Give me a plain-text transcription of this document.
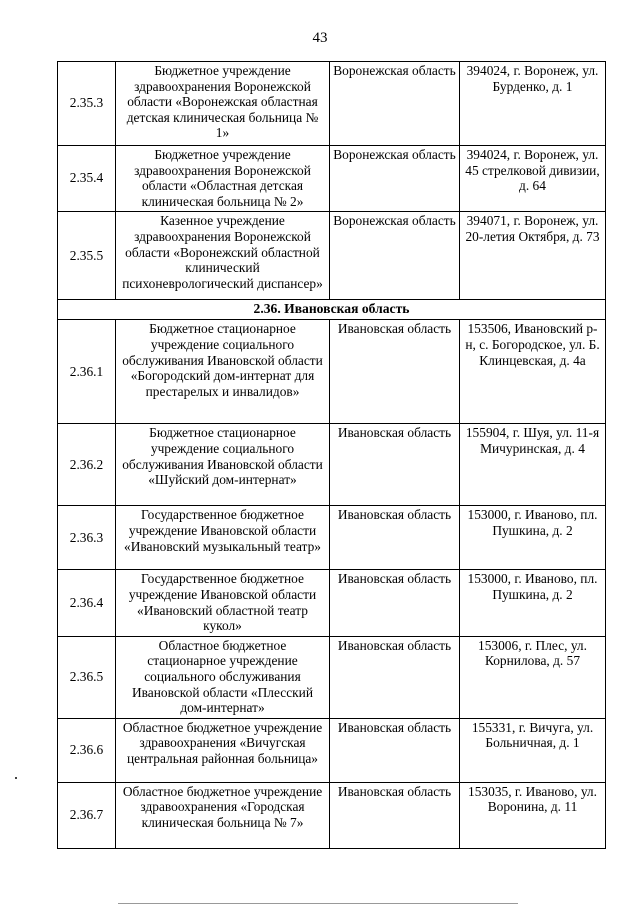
43
2.35.3	Бюджетное учреждение здравоохранения Воронежской области «Воронежская областная детская клиническая больница № 1»	Воронежская область	394024, г. Воронеж, ул. Бурденко, д. 1
2.35.4	Бюджетное учреждение здравоохранения Воронежской области «Областная детская клиническая больница № 2»	Воронежская область	394024, г. Воронеж, ул. 45 стрелковой дивизии, д. 64
2.35.5	Казенное учреждение здравоохранения Воронежской области «Воронежский областной клинический психоневрологический диспансер»	Воронежская область	394071, г. Воронеж, ул. 20-летия Октября, д. 73
2.36. Ивановская область			
2.36.1	Бюджетное стационарное учреждение социального обслуживания Ивановской области «Богородский дом-интернат для престарелых и инвалидов»	Ивановская область	153506, Ивановский р-н, с. Богородское, ул. Б. Клинцевская, д. 4а
2.36.2	Бюджетное стационарное учреждение социального обслуживания Ивановской области «Шуйский дом-интернат»	Ивановская область	155904, г. Шуя, ул. 11-я Мичуринская, д. 4
2.36.3	Государственное бюджетное учреждение Ивановской области «Ивановский музыкальный театр»	Ивановская область	153000, г. Иваново, пл. Пушкина, д. 2
2.36.4	Государственное бюджетное учреждение Ивановской области «Ивановский областной театр кукол»	Ивановская область	153000, г. Иваново, пл. Пушкина, д. 2
2.36.5	Областное бюджетное стационарное учреждение социального обслуживания Ивановской области «Плесский дом-интернат»	Ивановская область	153006, г. Плес, ул. Корнилова, д. 57
2.36.6	Областное бюджетное учреждение здравоохранения «Вичугская центральная районная больница»	Ивановская область	155331, г. Вичуга, ул. Больничная, д. 1
2.36.7	Областное бюджетное учреждение здравоохранения «Городская клиническая больница № 7»	Ивановская область	153035, г. Иваново, ул. Воронина, д. 11
